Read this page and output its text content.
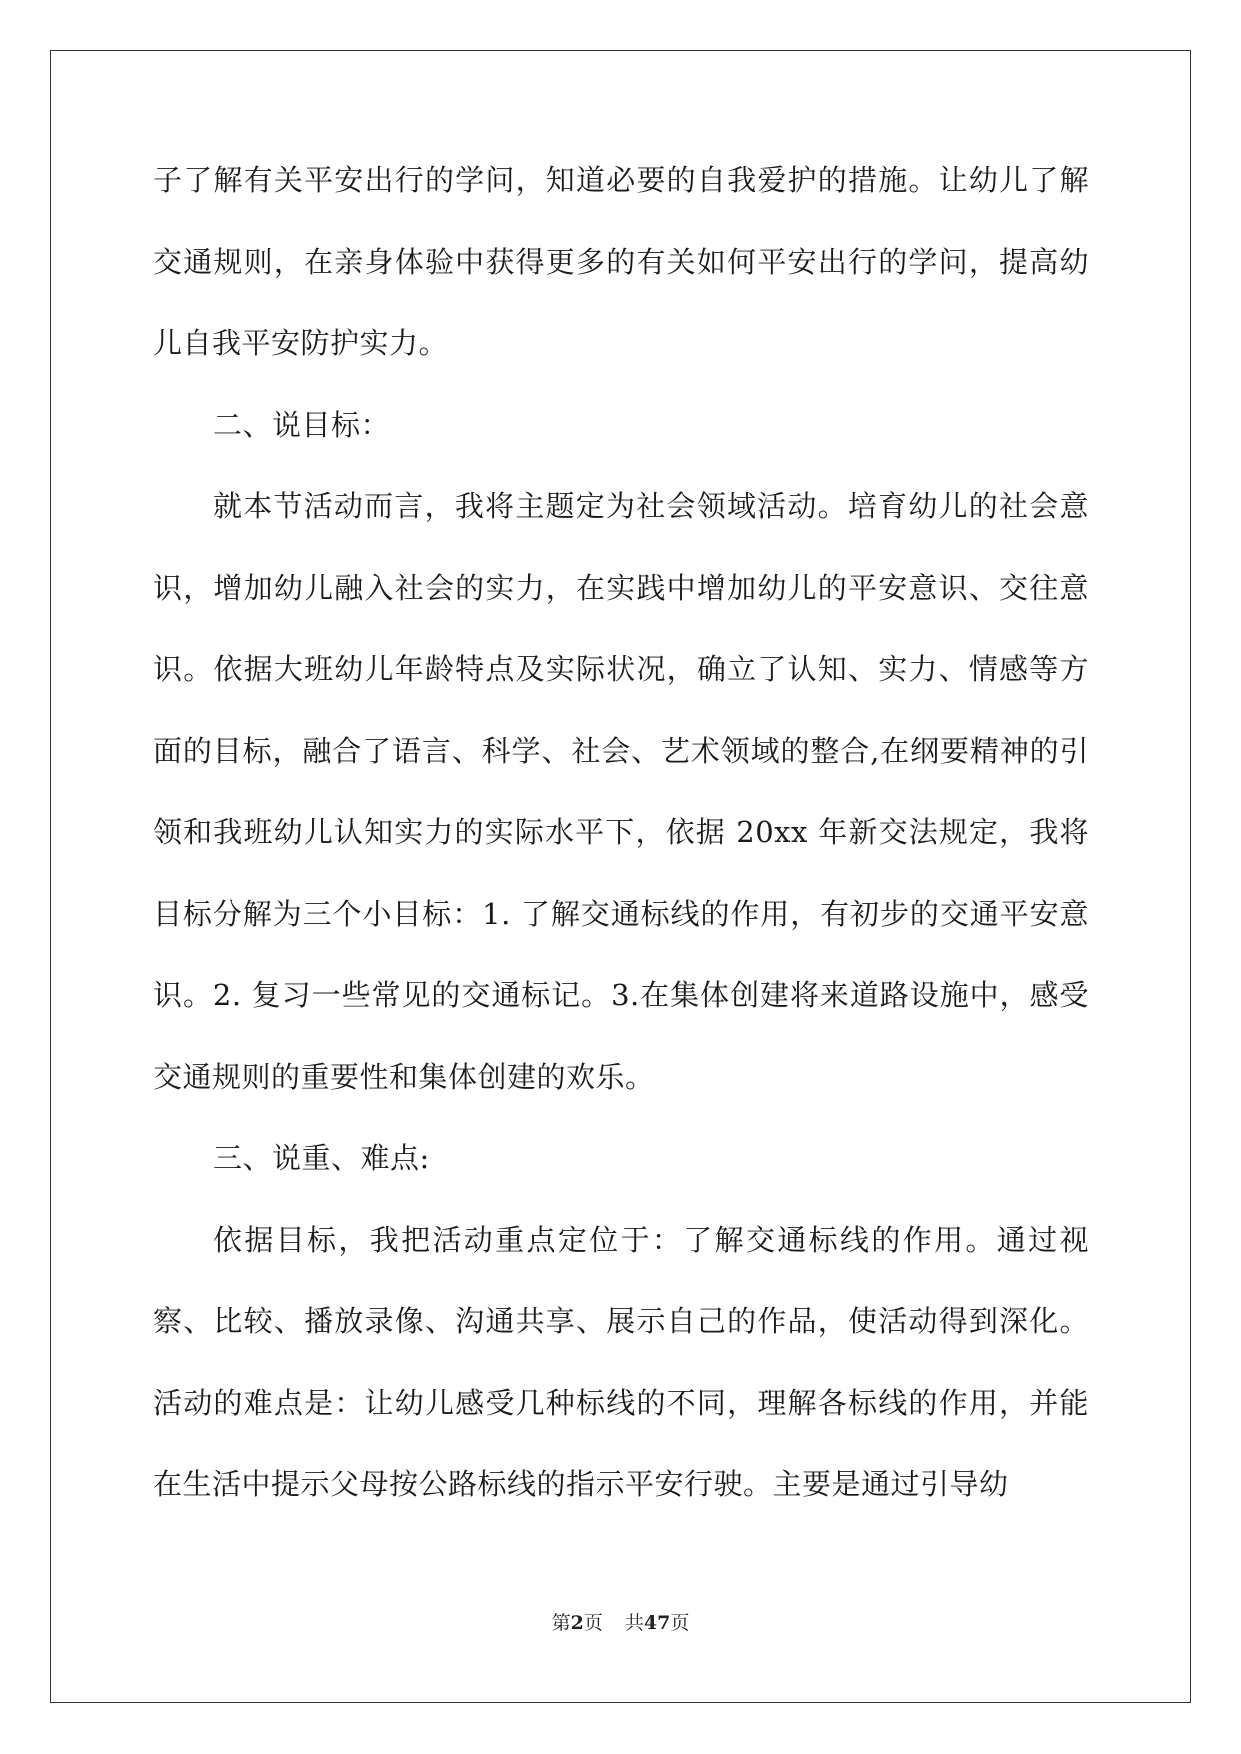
子了解有关平安出行的学问，知道必要的自我爱护的措施。让幼儿了解交通规则，在亲身体验中获得更多的有关如何平安出行的学问，提高幼儿自我平安防护实力。

二、说目标：

就本节活动而言，我将主题定为社会领域活动。培育幼儿的社会意识，增加幼儿融入社会的实力，在实践中增加幼儿的平安意识、交往意识。依据大班幼儿年龄特点及实际状况，确立了认知、实力、情感等方面的目标，融合了语言、科学、社会、艺术领域的整合,在纲要精神的引领和我班幼儿认知实力的实际水平下，依据 20xx 年新交法规定，我将目标分解为三个小目标：1. 了解交通标线的作用，有初步的交通平安意识。2. 复习一些常见的交通标记。3.在集体创建将来道路设施中，感受交通规则的重要性和集体创建的欢乐。

三、说重、难点:

依据目标，我把活动重点定位于：了解交通标线的作用。通过视察、比较、播放录像、沟通共享、展示自己的作品，使活动得到深化。活动的难点是：让幼儿感受几种标线的不同，理解各标线的作用，并能在生活中提示父母按公路标线的指示平安行驶。主要是通过引导幼

第2页 共47页
